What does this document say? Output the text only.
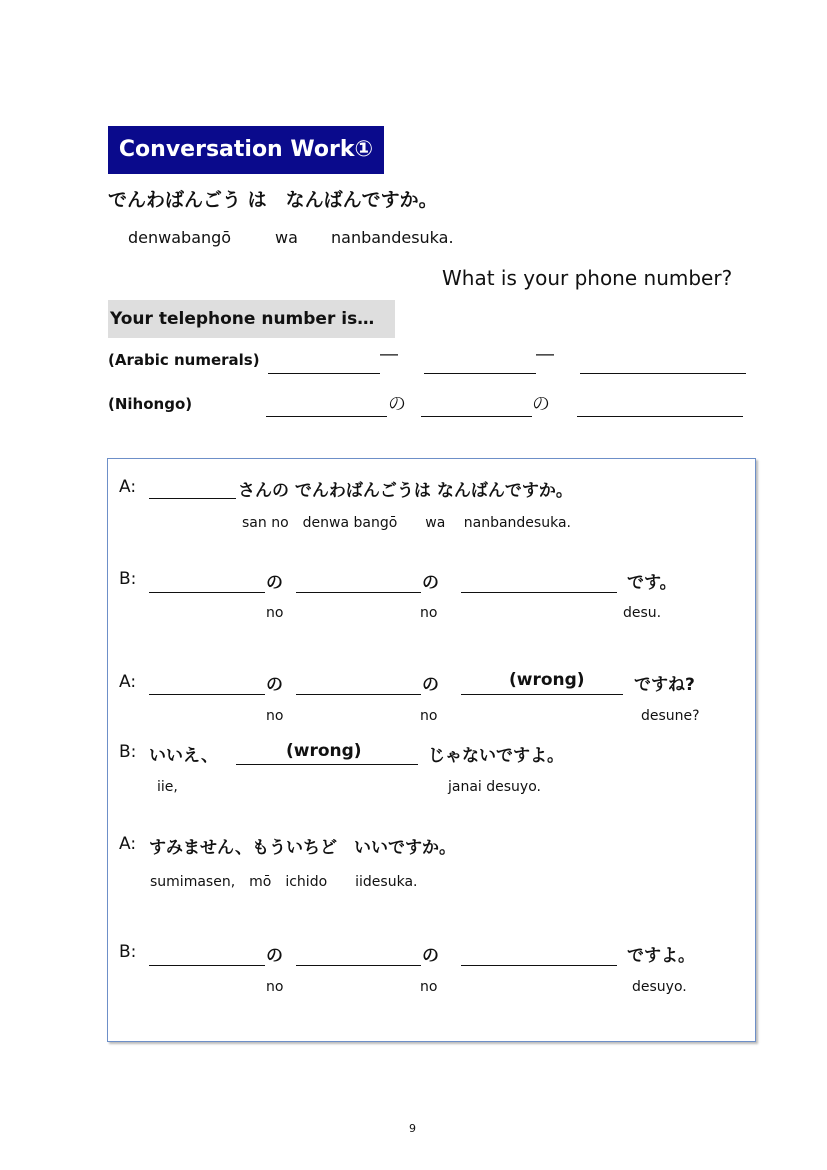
Conversation Work①
でんわばんごう は　なんばんですか。
denwabangō	wa nanbandesuka.
What is your phone number?
Your telephone number is…
(Arabic numerals)	―	―
(Nihongo)	の	の
A:	さんの でんわばんごうは なんばんですか。
san no　denwa bangō　　wa　 nanbandesuka.
B:	の	の	です。
no	no	desu.
A:	の	の	(wrong)	ですね?
no	no	desune?
B: いいえ、	(wrong)	じゃないですよ。
iie,	janai desuyo.
A: すみません、もういちど　いいですか。
sumimasen,　mō　ichido　　iidesuka.
B:	の	の	ですよ。
no	no	desuyo.
9
